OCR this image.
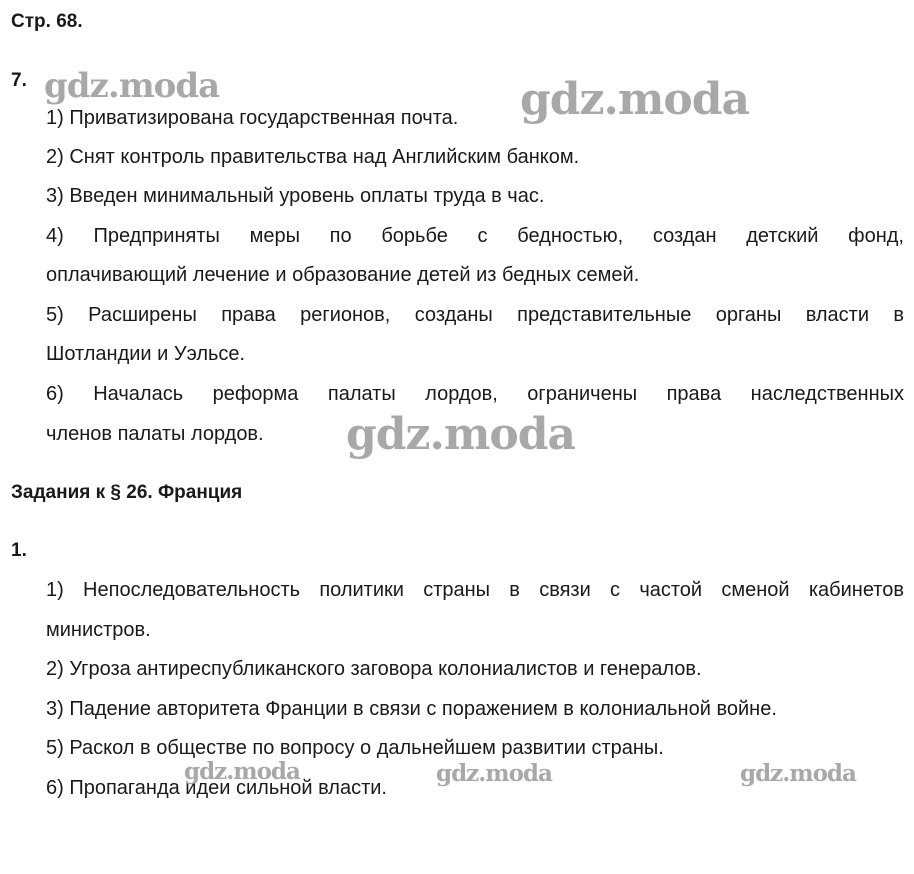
Стр. 68.
7.
1) Приватизирована государственная почта.
2) Снят контроль правительства над Английским банком.
3) Введен минимальный уровень оплаты труда в час.
4) Предприняты меры по борьбе с бедностью, создан детский фонд,
оплачивающий лечение и образование детей из бедных семей.
5) Расширены права регионов, созданы представительные органы власти в
Шотландии и Уэльсе.
6) Началась реформа палаты лордов, ограничены права наследственных
членов палаты лордов.
Задания к § 26. Франция
1.
1) Непоследовательность политики страны в связи с частой сменой кабинетов
министров.
2) Угроза антиреспубликанского заговора колониалистов и генералов.
3) Падение авторитета Франции в связи с поражением в колониальной войне.
5) Раскол в обществе по вопросу о дальнейшем развитии страны.
6) Пропаганда идеи сильной власти.
gdz.moda	gdz.moda
gdz.moda
gdz.moda	gdz.moda	gdz.moda
